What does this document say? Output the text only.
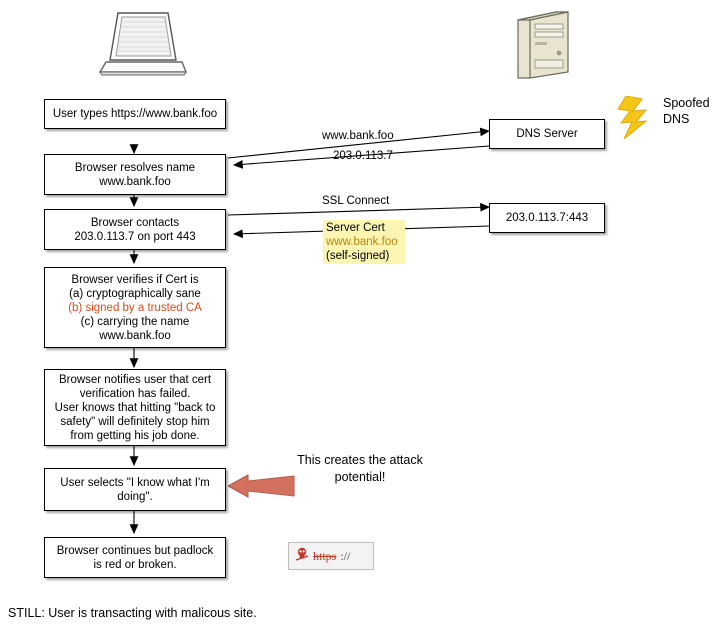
User types https://www.bank.foo
Browser resolves name
www.bank.foo
Browser contacts
203.0.113.7 on port 443
Browser verifies if Cert is
(a) cryptographically sane
(b) signed by a trusted CA
(c) carrying the name
www.bank.foo
Browser notifies user that cert
verification has failed.
User knows that hitting "back to
safety" will definitely stop him
from getting his job done.
User selects "I know what I'm
doing".
Browser continues but padlock
is red or broken.
DNS Server
203.0.113.7:443
www.bank.foo
203.0.113.7
SSL Connect
Server Cert
www.bank.foo
(self-signed)
Spoofed
DNS
This creates the attack
potential!
https ://
STILL: User is transacting with malicous site.
